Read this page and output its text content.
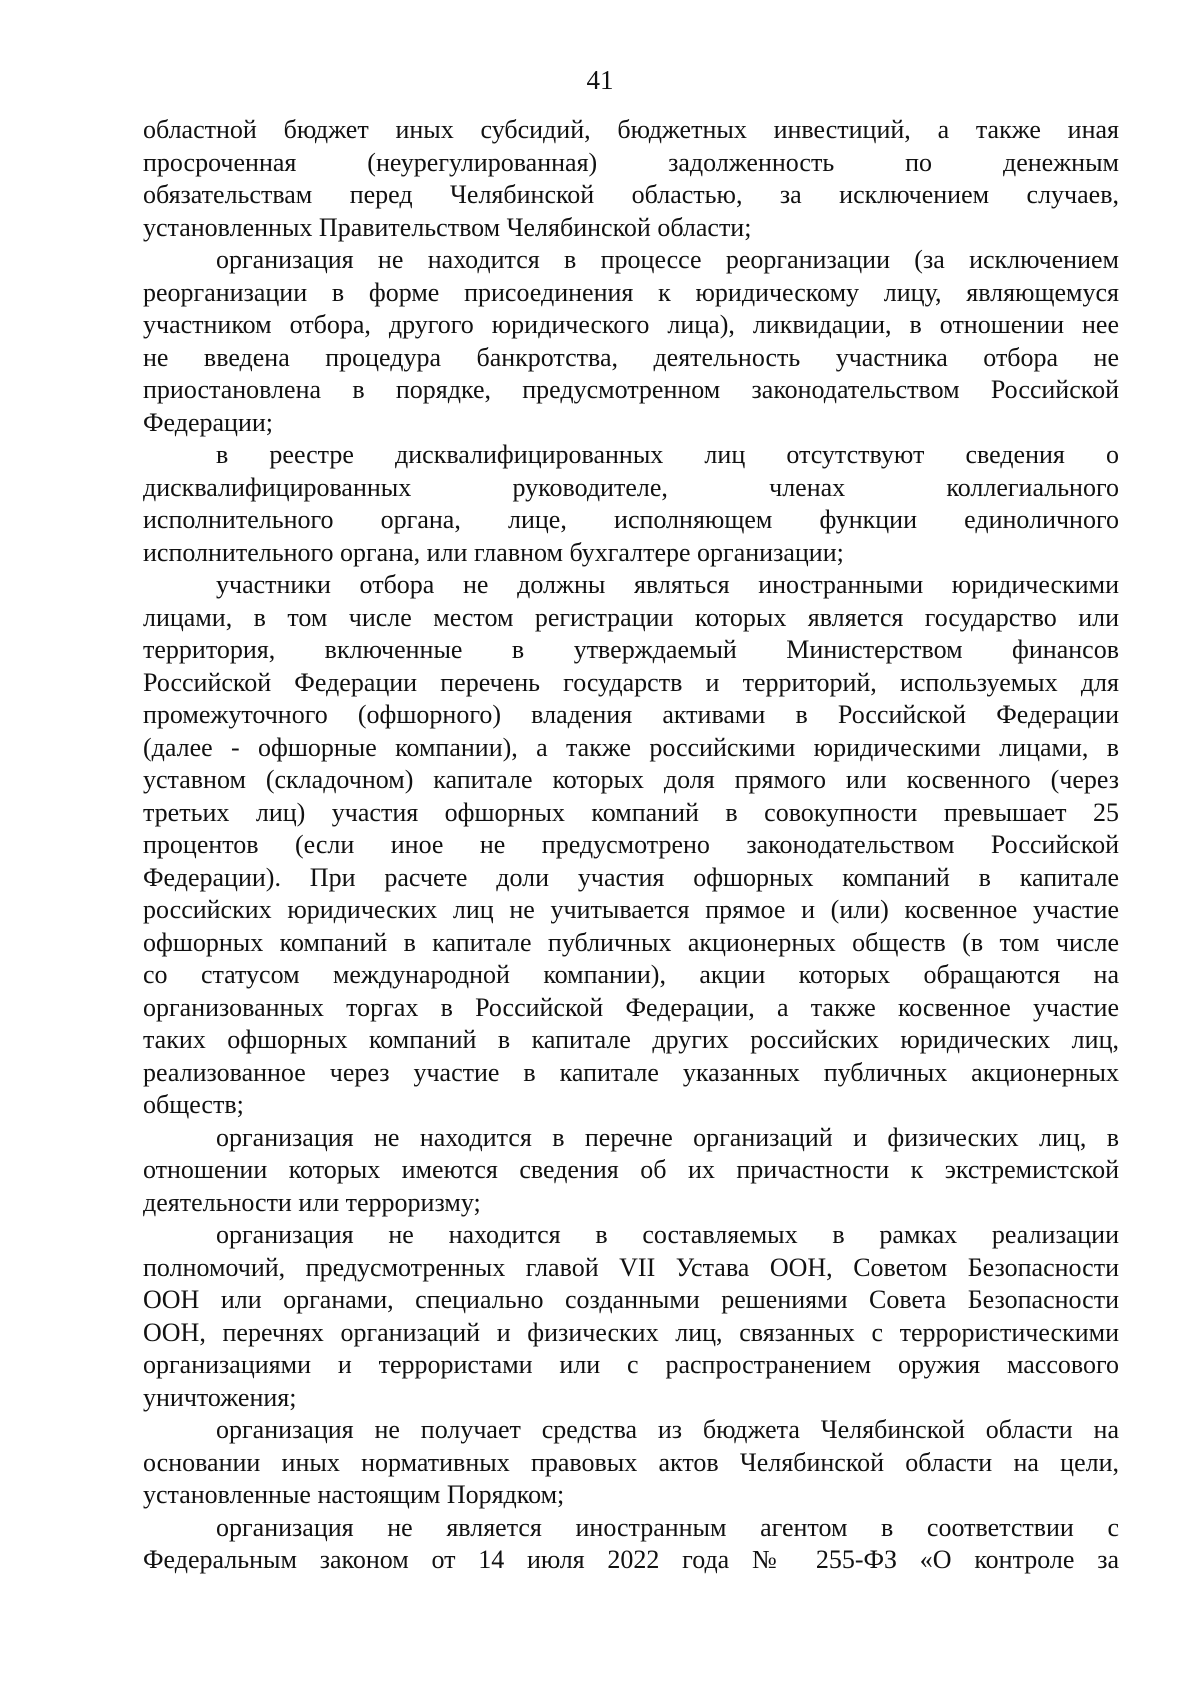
41

областной бюджет иных субсидий, бюджетных инвестиций, а также иная
просроченная (неурегулированная) задолженность по денежным
обязательствам перед Челябинской областью, за исключением случаев,
установленных Правительством Челябинской области;

организация не находится в процессе реорганизации (за исключением
реорганизации в форме присоединения к юридическому лицу, являющемуся
участником отбора, другого юридического лица), ликвидации, в отношении нее
не введена процедура банкротства, деятельность участника отбора не
приостановлена в порядке, предусмотренном законодательством Российской
Федерации;

в реестре дисквалифицированных лиц отсутствуют сведения о
дисквалифицированных руководителе, членах коллегиального
исполнительного органа, лице, исполняющем функции единоличного
исполнительного органа, или главном бухгалтере организации;

участники отбора не должны являться иностранными юридическими
лицами, в том числе местом регистрации которых является государство или
территория, включенные в утверждаемый Министерством финансов
Российской Федерации перечень государств и территорий, используемых для
промежуточного (офшорного) владения активами в Российской Федерации
(далее - офшорные компании), а также российскими юридическими лицами, в
уставном (складочном) капитале которых доля прямого или косвенного (через
третьих лиц) участия офшорных компаний в совокупности превышает 25
процентов (если иное не предусмотрено законодательством Российской
Федерации). При расчете доли участия офшорных компаний в капитале
российских юридических лиц не учитывается прямое и (или) косвенное участие
офшорных компаний в капитале публичных акционерных обществ (в том числе
со статусом международной компании), акции которых обращаются на
организованных торгах в Российской Федерации, а также косвенное участие
таких офшорных компаний в капитале других российских юридических лиц,
реализованное через участие в капитале указанных публичных акционерных
обществ;

организация не находится в перечне организаций и физических лиц, в
отношении которых имеются сведения об их причастности к экстремистской
деятельности или терроризму;

организация не находится в составляемых в рамках реализации
полномочий, предусмотренных главой VII Устава ООН, Советом Безопасности
ООН или органами, специально созданными решениями Совета Безопасности
ООН, перечнях организаций и физических лиц, связанных с террористическими
организациями и террористами или с распространением оружия массового
уничтожения;

организация не получает средства из бюджета Челябинской области на
основании иных нормативных правовых актов Челябинской области на цели,
установленные настоящим Порядком;

организация не является иностранным агентом в соответствии с
Федеральным законом от 14 июля 2022 года № 255-ФЗ «О контроле за
